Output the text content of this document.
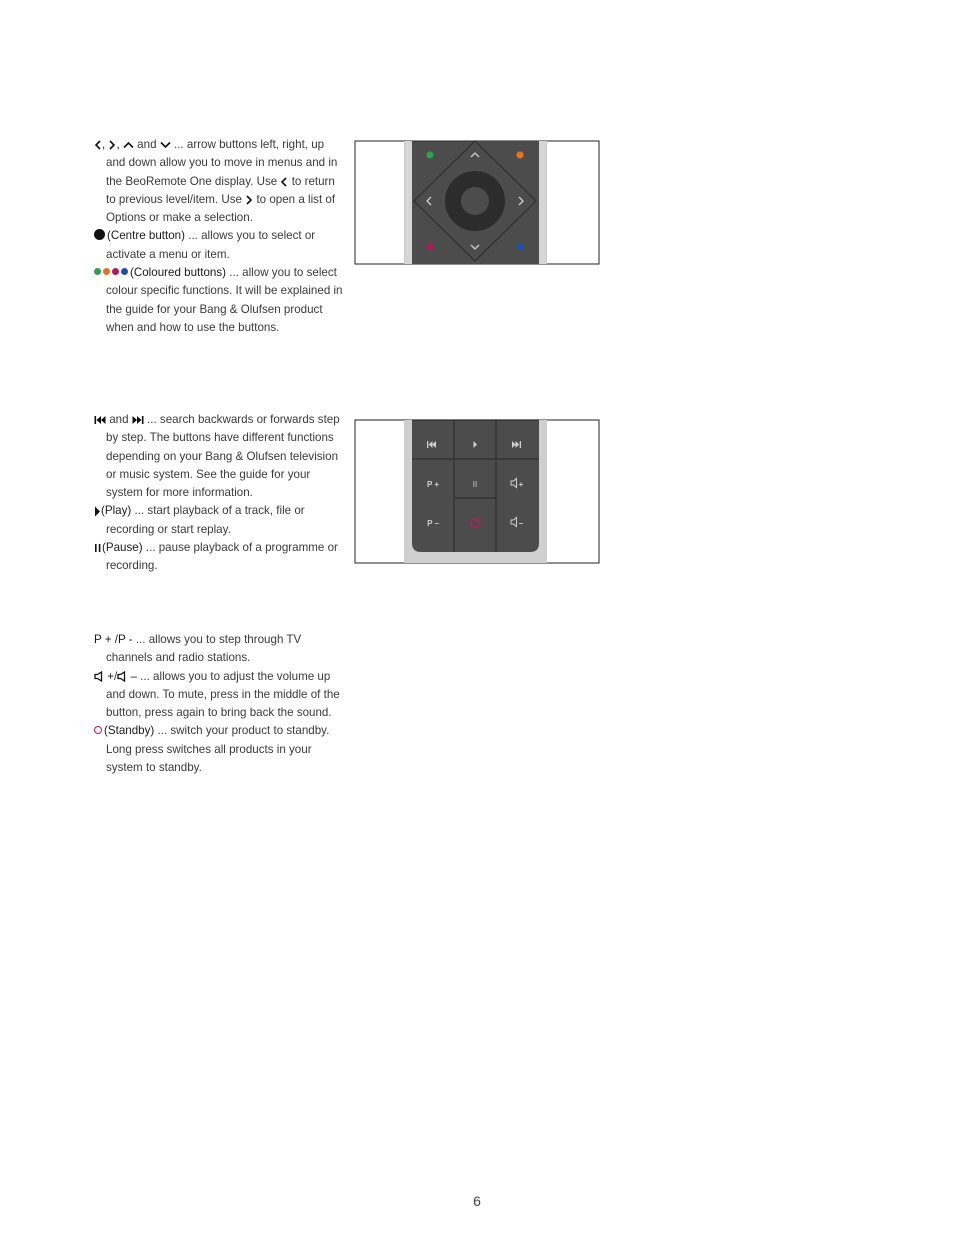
, , and ... arrow buttons left, right, up and down allow you to move in menus and in the BeoRemote One display. Use to return to previous level/item. Use to open a list of Options or make a selection.

(Centre button) ... allows you to select or activate a menu or item.

(Coloured buttons) ... allow you to select colour specific functions. It will be explained in the guide for your Bang & Olufsen product when and how to use the buttons.

and ... search backwards or forwards step by step. The buttons have different functions depending on your Bang & Olufsen television or music system. See the guide for your system for more information.

(Play) ... start playback of a track, file or recording or start replay.

(Pause) ... pause playback of a programme or recording.

P + /P - ... allows you to step through TV channels and radio stations.

+/ – ... allows you to adjust the volume up and down. To mute, press in the middle of the button, press again to bring back the sound.

(Standby) ... switch your product to standby. Long press switches all products in your system to standby.

P +
P –
II	+
–
6
